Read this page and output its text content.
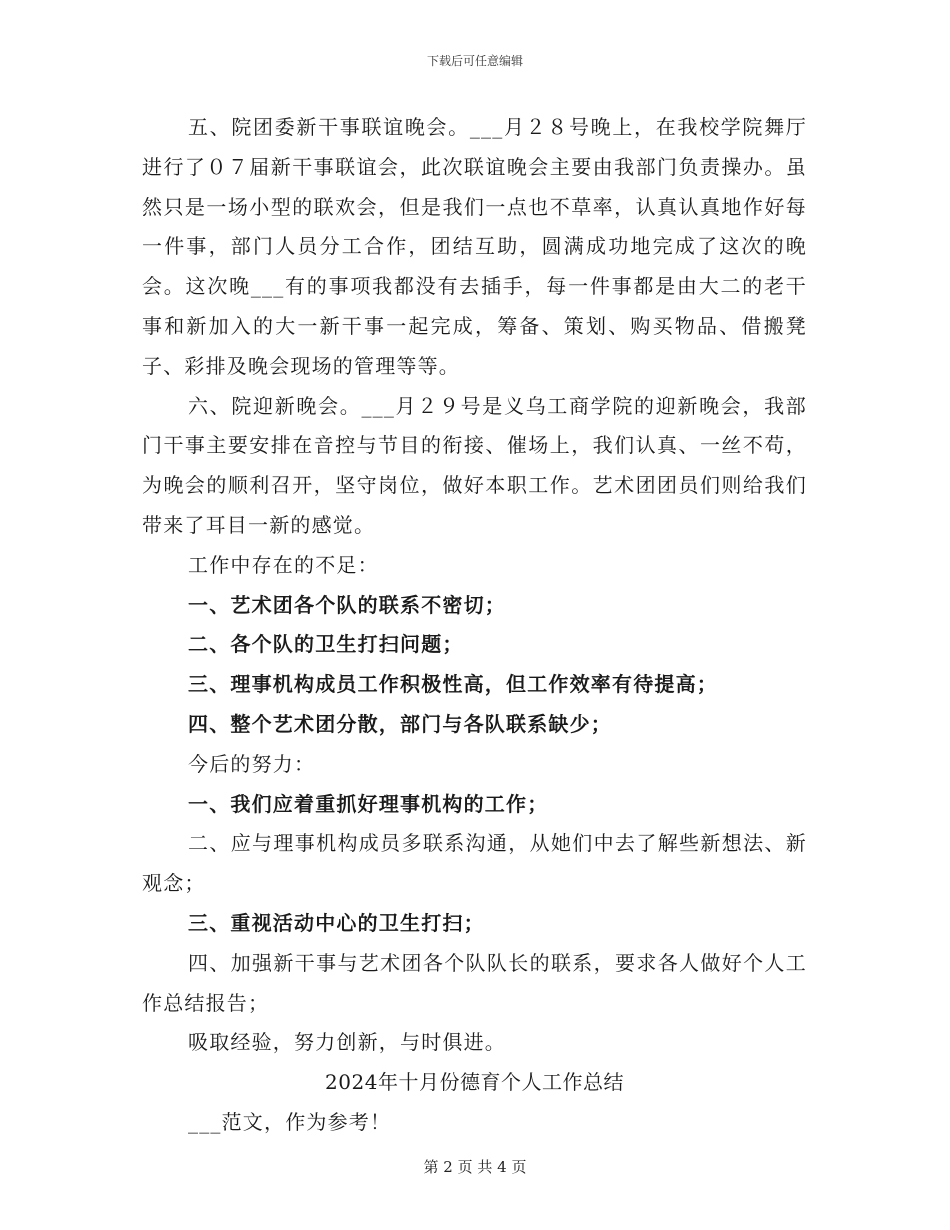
下载后可任意编辑

五、院团委新干事联谊晚会。___月２８号晚上，在我校学院舞厅进行了０７届新干事联谊会，此次联谊晚会主要由我部门负责操办。虽然只是一场小型的联欢会，但是我们一点也不草率，认真认真地作好每一件事，部门人员分工合作，团结互助，圆满成功地完成了这次的晚会。这次晚___有的事项我都没有去插手，每一件事都是由大二的老干事和新加入的大一新干事一起完成，筹备、策划、购买物品、借搬凳子、彩排及晚会现场的管理等等。

六、院迎新晚会。___月２９号是义乌工商学院的迎新晚会，我部门干事主要安排在音控与节目的衔接、催场上，我们认真、一丝不苟，为晚会的顺利召开，坚守岗位，做好本职工作。艺术团团员们则给我们带来了耳目一新的感觉。

工作中存在的不足：

一、艺术团各个队的联系不密切；

二、各个队的卫生打扫问题；

三、理事机构成员工作积极性高，但工作效率有待提高；

四、整个艺术团分散，部门与各队联系缺少；

今后的努力：

一、我们应着重抓好理事机构的工作；

二、应与理事机构成员多联系沟通，从她们中去了解些新想法、新观念；

三、重视活动中心的卫生打扫；

四、加强新干事与艺术团各个队队长的联系，要求各人做好个人工作总结报告；

吸取经验，努力创新，与时俱进。

2024年十月份德育个人工作总结

___范文，作为参考！

第 2 页 共 4 页
